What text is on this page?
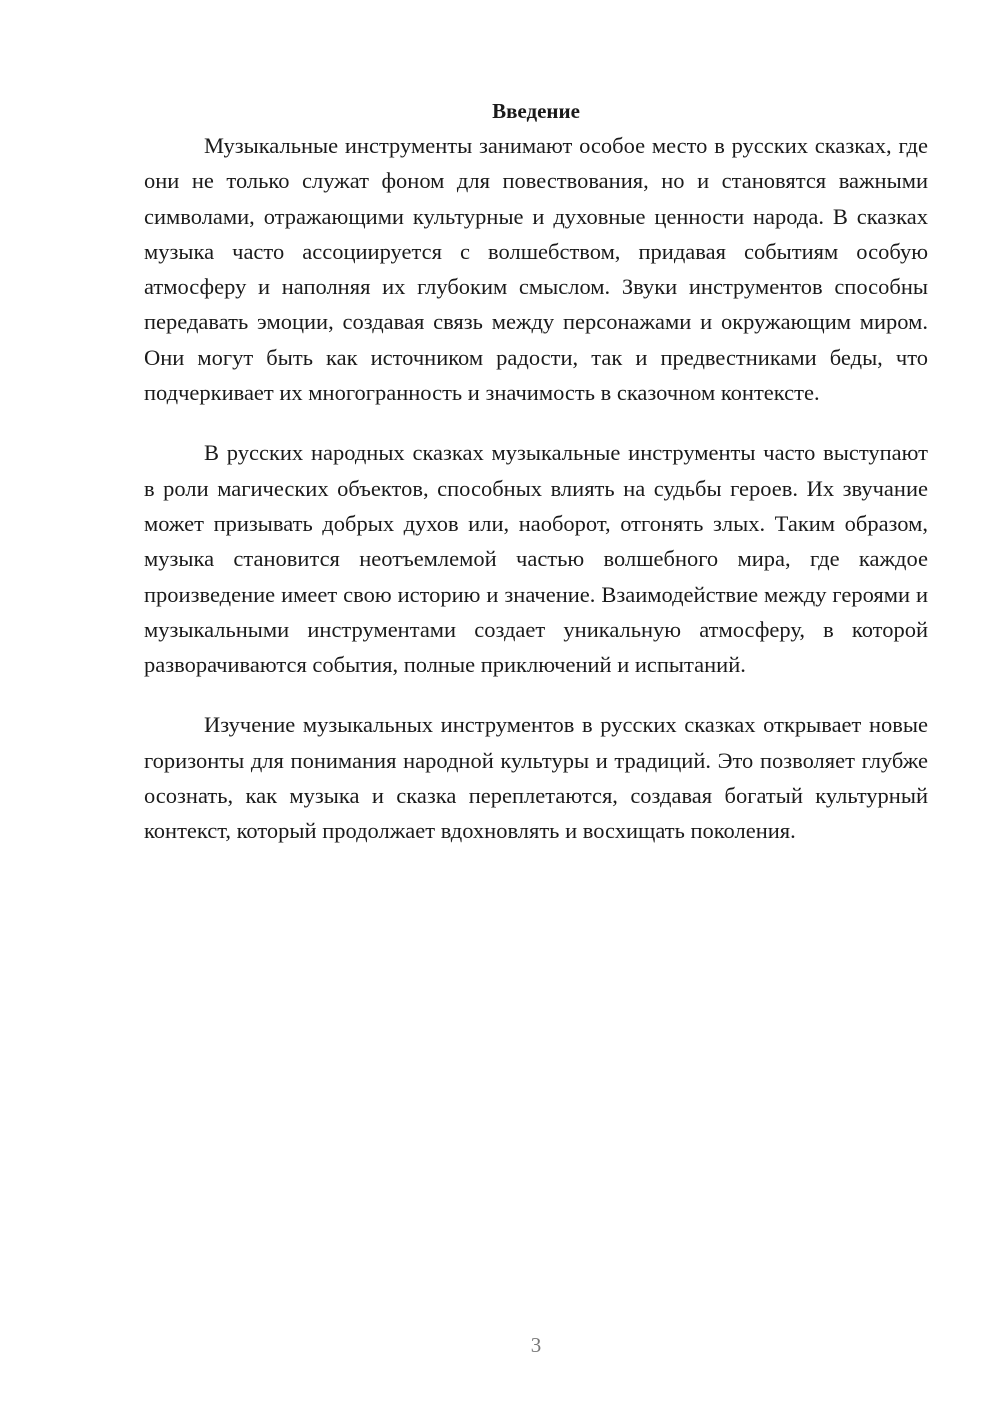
Введение

Музыкальные инструменты занимают особое место в русских сказках, где они не только служат фоном для повествования, но и становятся важными символами, отражающими культурные и духовные ценности народа. В сказках музыка часто ассоциируется с волшебством, придавая событиям особую атмосферу и наполняя их глубоким смыслом. Звуки инструментов способны передавать эмоции, создавая связь между персонажами и окружающим миром. Они могут быть как источником радости, так и предвестниками беды, что подчеркивает их многогранность и значимость в сказочном контексте.

В русских народных сказках музыкальные инструменты часто выступают в роли магических объектов, способных влиять на судьбы героев. Их звучание может призывать добрых духов или, наоборот, отгонять злых. Таким образом, музыка становится неотъемлемой частью волшебного мира, где каждое произведение имеет свою историю и значение. Взаимодействие между героями и музыкальными инструментами создает уникальную атмосферу, в которой разворачиваются события, полные приключений и испытаний.

Изучение музыкальных инструментов в русских сказках открывает новые горизонты для понимания народной культуры и традиций. Это позволяет глубже осознать, как музыка и сказка переплетаются, создавая богатый культурный контекст, который продолжает вдохновлять и восхищать поколения.

3
